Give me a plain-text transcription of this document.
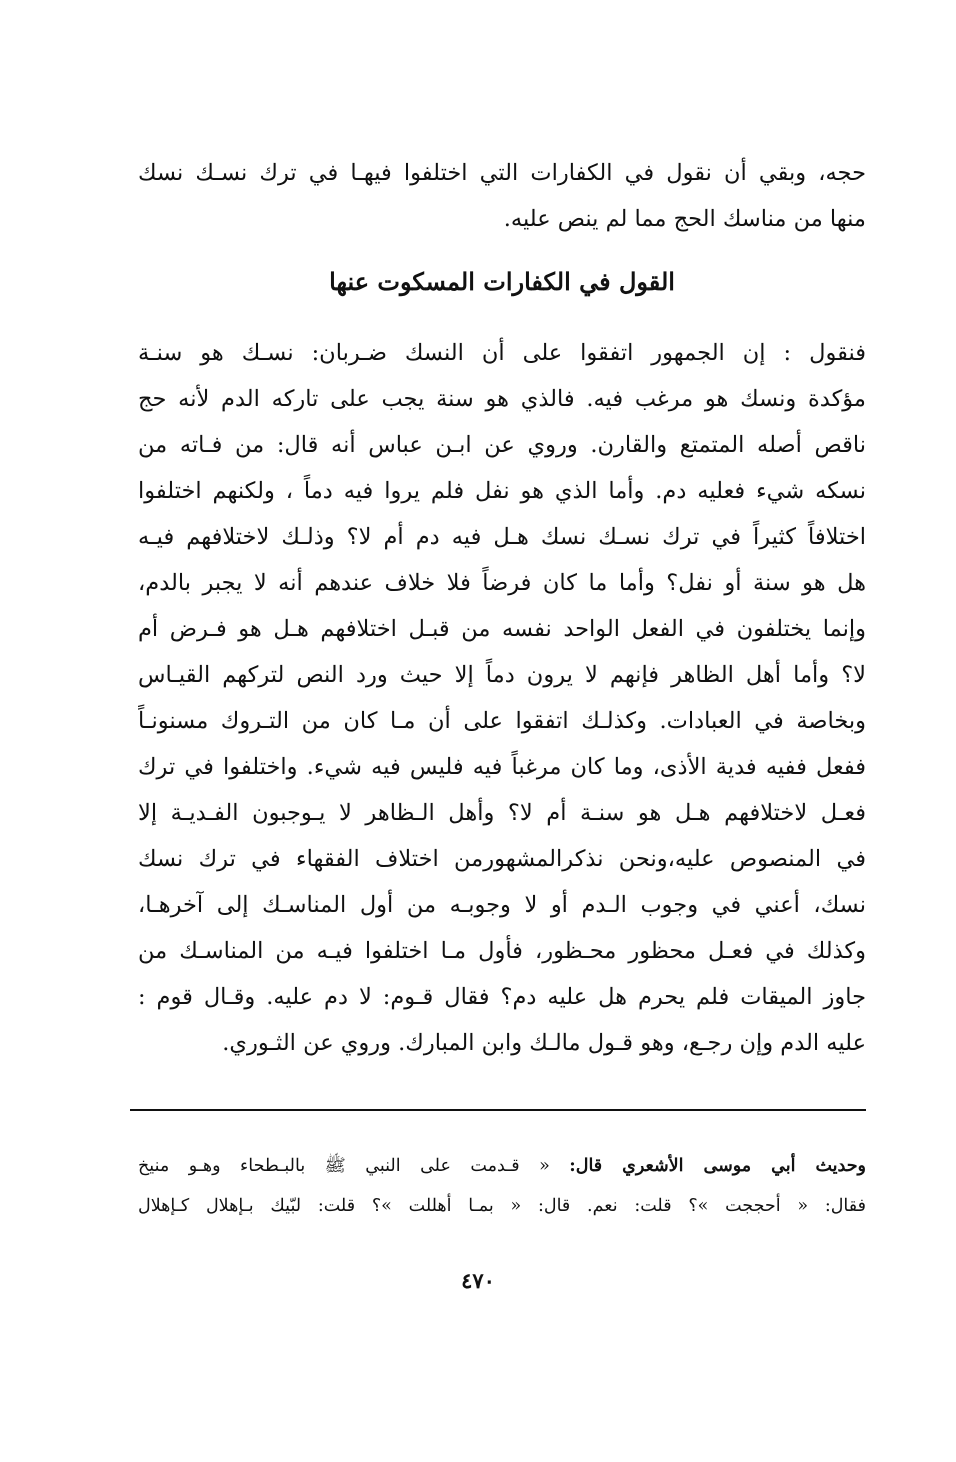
حجه، وبقي أن نقول في الكفارات التي اختلفوا فيهـا في ترك نسـك نسك
منها من مناسك الحج مما لم ينص عليه.
القول في الكفارات المسكوت عنها
فنقول : إن الجمهور اتفقوا على أن النسك ضـربان: نسـك هو سنـة
مؤكدة ونسك هو مرغب فيه. فالذي هو سنة يجب على تاركه الدم لأنه حج
ناقص أصله المتمتع والقارن. وروي عن ابـن عباس أنه قال: من فـاته من
نسكه شيء فعليه دم. وأما الذي هو نفل فلم يروا فيه دماً ، ولكنهم اختلفوا
اختلافاً كثيراً في ترك نسـك نسك هـل فيه دم أم لا؟ وذلـك لاختلافهم فيـه
هل هو سنة أو نفل؟ وأما ما كان فرضاً فلا خلاف عندهم أنه لا يجبر بالدم،
وإنما يختلفون في الفعل الواحد نفسه من قبـل اختلافهم هـل هو فـرض أم
لا؟ وأما أهل الظاهر فإنهم لا يرون دماً إلا حيث ورد النص لتركهم القيـاس
وبخاصة في العبادات. وكذلـك اتفقوا على أن مـا كان من التـروك مسنونـاً
ففعل ففيه فدية الأذى، وما كان مرغباً فيه فليس فيه شيء. واختلفوا في ترك
فعـل لاختلافهم هـل هو سنـة أم لا؟ وأهل الـظاهر لا يـوجبون الفـديـة إلا
في المنصوص عليه،ونحن نذكرالمشهورمن اختلاف الفقهاء في ترك نسك
نسك، أعني في وجوب الـدم أو لا وجوبـه من أول المناسـك إلى آخرهـا،
وكذلك في فعـل محظور محـظور، فأول مـا اختلفوا فيـه من المناسـك من
جاوز الميقات فلم يحرم هل عليه دم؟ فقال قـوم: لا دم عليه. وقـال قوم :
عليه الدم وإن رجـع، وهو قـول مالـك وابن المبارك. وروي عن الثـوري.
وحديث أبي موسى الأشعري قال: « قـدمت على النبي ﷺ بالبـطحاء وهـو منيخ
فقال: « أحججت »؟ قلت: نعم. قال: « بمـا أهللت »؟ قلت: لبّيك بـإهلال كـإهلال
٤٧٠
